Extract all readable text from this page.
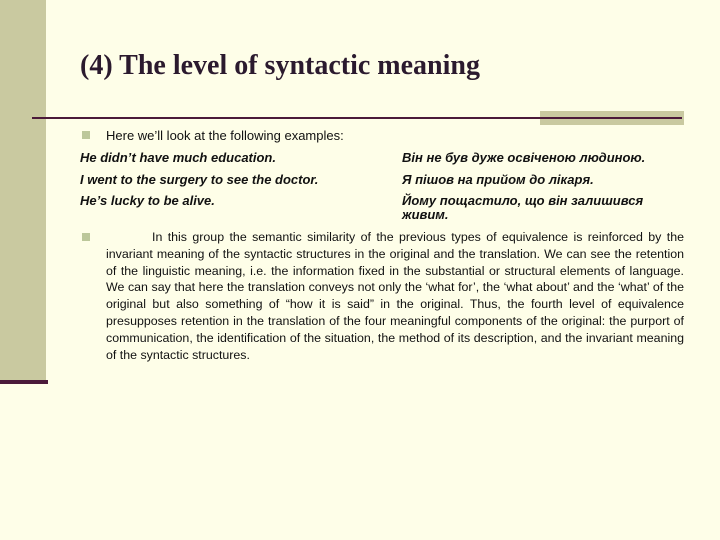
(4) The level of syntactic meaning
Here we’ll look at the following examples:
He didn’t have much education.
I went to the surgery to see the doctor.
He’s lucky to be alive.
Він не був дуже освіченою людиною.
Я пішов на прийом до лікаря.
Йому пощастило, що він залишився живим.
In this group the semantic similarity of the previous types of equivalence is reinforced by the invariant meaning of the syntactic structures in the original and the translation. We can see the retention of the linguistic meaning, i.e. the information fixed in the substantial or structural elements of language. We can say that here the translation conveys not only the ‘what for’, the ‘what about’ and the ‘what’ of the original but also something of “how it is said” in the original. Thus, the fourth level of equivalence presupposes retention in the translation of the four meaningful components of the original: the purport of communication, the identification of the situation, the method of its description, and the invariant meaning of the syntactic structures.
